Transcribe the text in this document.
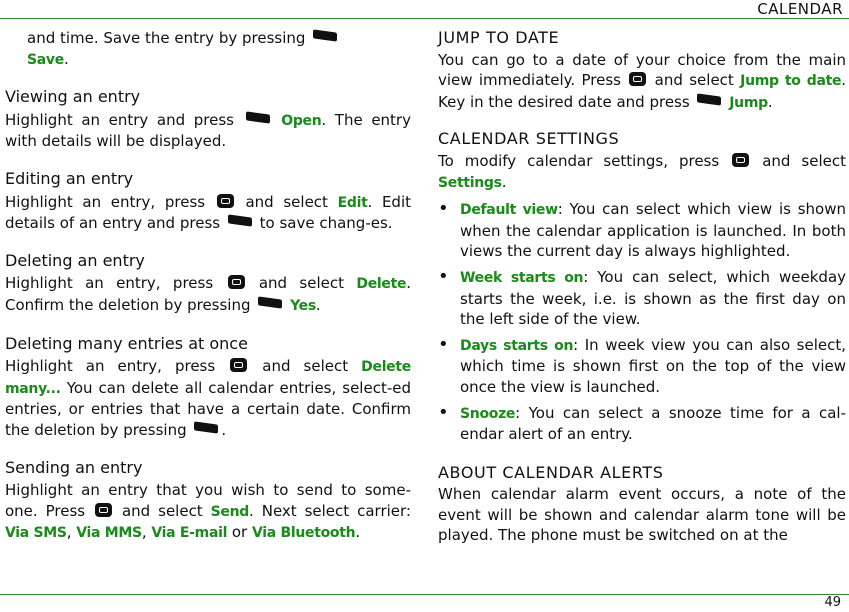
CALENDAR

and time. Save the entry by pressing
Save.

Viewing an entry

Highlight an entry and press	Open. The entry with details will be displayed.

Editing an entry

Highlight an entry, press	and select Edit. Edit details of an entry and press	to save chang-es.

Deleting an entry

Highlight an entry, press	and select Delete. Confirm the deletion by pressing	Yes.

Deleting many entries at once

Highlight an entry, press	and select Delete many... You can delete all calendar entries, select-ed entries, or entries that have a certain date. Confirm the deletion by pressing .

Sending an entry

Highlight an entry that you wish to send to some-one. Press and select Send. Next select carrier: Via SMS, Via MMS, Via E-mail or Via Bluetooth.

JUMP TO DATE

You can go to a date of your choice from the main view immediately. Press and select Jump to date. Key in the desired date and press	Jump.

CALENDAR SETTINGS

To modify calendar settings, press	and select Settings.

• Default view: You can select which view is shown when the calendar application is launched. In both views the current day is always highlighted.

• Week starts on: You can select, which weekday starts the week, i.e. is shown as the first day on the left side of the view.

• Days starts on: In week view you can also select, which time is shown first on the top of the view once the view is launched.

• Snooze: You can select a snooze time for a cal-endar alert of an entry.

ABOUT CALENDAR ALERTS

When calendar alarm event occurs, a note of the event will be shown and calendar alarm tone will be played. The phone must be switched on at the

49
